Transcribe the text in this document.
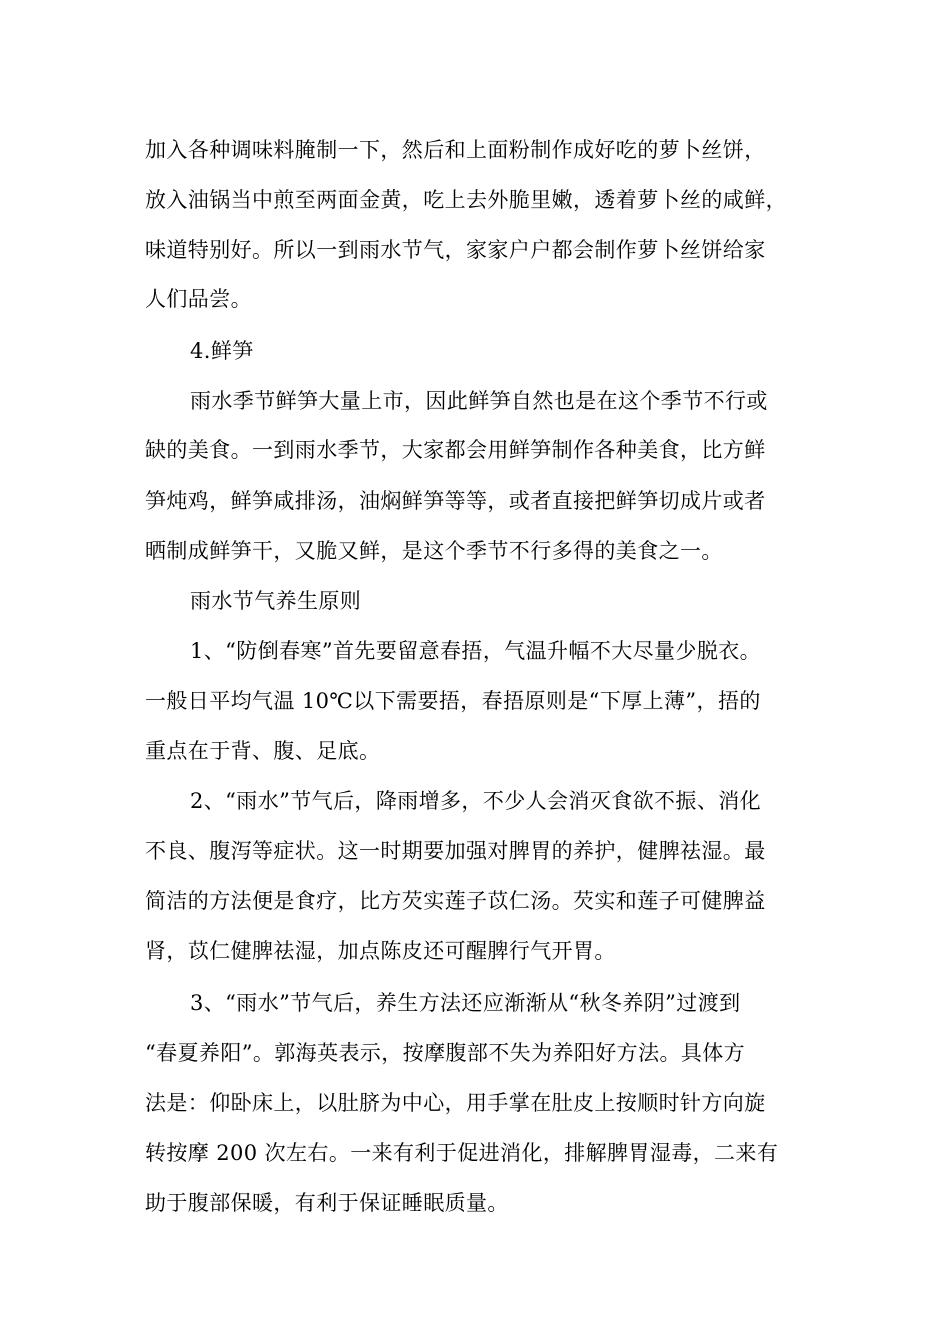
加入各种调味料腌制一下，然后和上面粉制作成好吃的萝卜丝饼，
放入油锅当中煎至两面金黄，吃上去外脆里嫩，透着萝卜丝的咸鲜，
味道特别好。所以一到雨水节气，家家户户都会制作萝卜丝饼给家
人们品尝。
4.鲜笋
雨水季节鲜笋大量上市，因此鲜笋自然也是在这个季节不行或
缺的美食。一到雨水季节，大家都会用鲜笋制作各种美食，比方鲜
笋炖鸡，鲜笋咸排汤，油焖鲜笋等等，或者直接把鲜笋切成片或者
晒制成鲜笋干，又脆又鲜，是这个季节不行多得的美食之一。
雨水节气养生原则
1、“防倒春寒”首先要留意春捂，气温升幅不大尽量少脱衣。
一般日平均气温 10℃以下需要捂，春捂原则是“下厚上薄”，捂的
重点在于背、腹、足底。
2、“雨水”节气后，降雨增多，不少人会消灭食欲不振、消化
不良、腹泻等症状。这一时期要加强对脾胃的养护，健脾祛湿。最
简洁的方法便是食疗，比方芡实莲子苡仁汤。芡实和莲子可健脾益
肾，苡仁健脾祛湿，加点陈皮还可醒脾行气开胃。
3、“雨水”节气后，养生方法还应渐渐从“秋冬养阴”过渡到
“春夏养阳”。郭海英表示，按摩腹部不失为养阳好方法。具体方
法是：仰卧床上，以肚脐为中心，用手掌在肚皮上按顺时针方向旋
转按摩 200 次左右。一来有利于促进消化，排解脾胃湿毒，二来有
助于腹部保暖，有利于保证睡眠质量。
